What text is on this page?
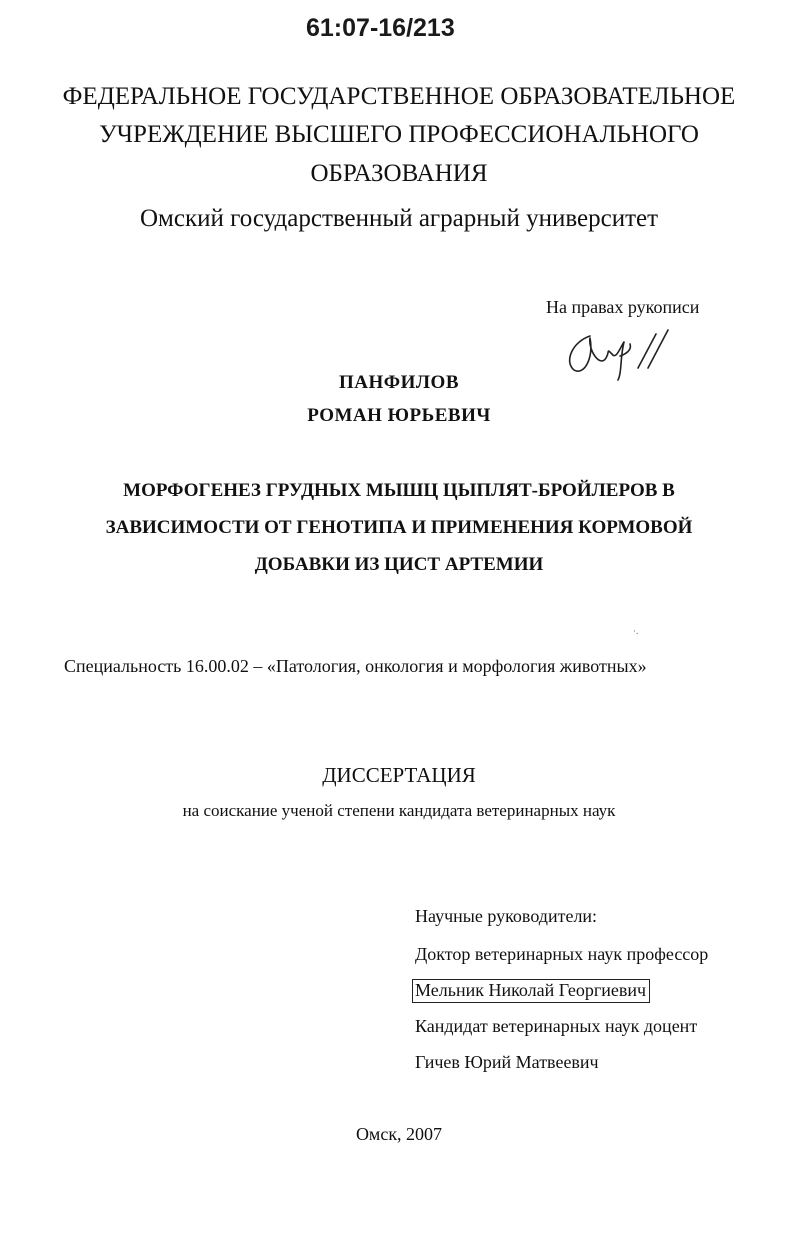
61:07-16/213
ФЕДЕРАЛЬНОЕ ГОСУДАРСТВЕННОЕ ОБРАЗОВАТЕЛЬНОЕ
УЧРЕЖДЕНИЕ ВЫСШЕГО ПРОФЕССИОНАЛЬНОГО
ОБРАЗОВАНИЯ
Омский государственный аграрный университет
На правах рукописи
ПАНФИЛОВ
РОМАН ЮРЬЕВИЧ
МОРФОГЕНЕЗ ГРУДНЫХ МЫШЦ ЦЫПЛЯТ-БРОЙЛЕРОВ В
ЗАВИСИМОСТИ ОТ ГЕНОТИПА И ПРИМЕНЕНИЯ КОРМОВОЙ
ДОБАВКИ ИЗ ЦИСТ АРТЕМИИ
·.
Специальность 16.00.02 – «Патология, онкология и морфология животных»
ДИССЕРТАЦИЯ
на соискание ученой степени кандидата ветеринарных наук
Научные руководители:
Доктор ветеринарных наук профессор
Мельник Николай Георгиевич
Кандидат ветеринарных наук доцент
Гичев Юрий Матвеевич
Омск, 2007
